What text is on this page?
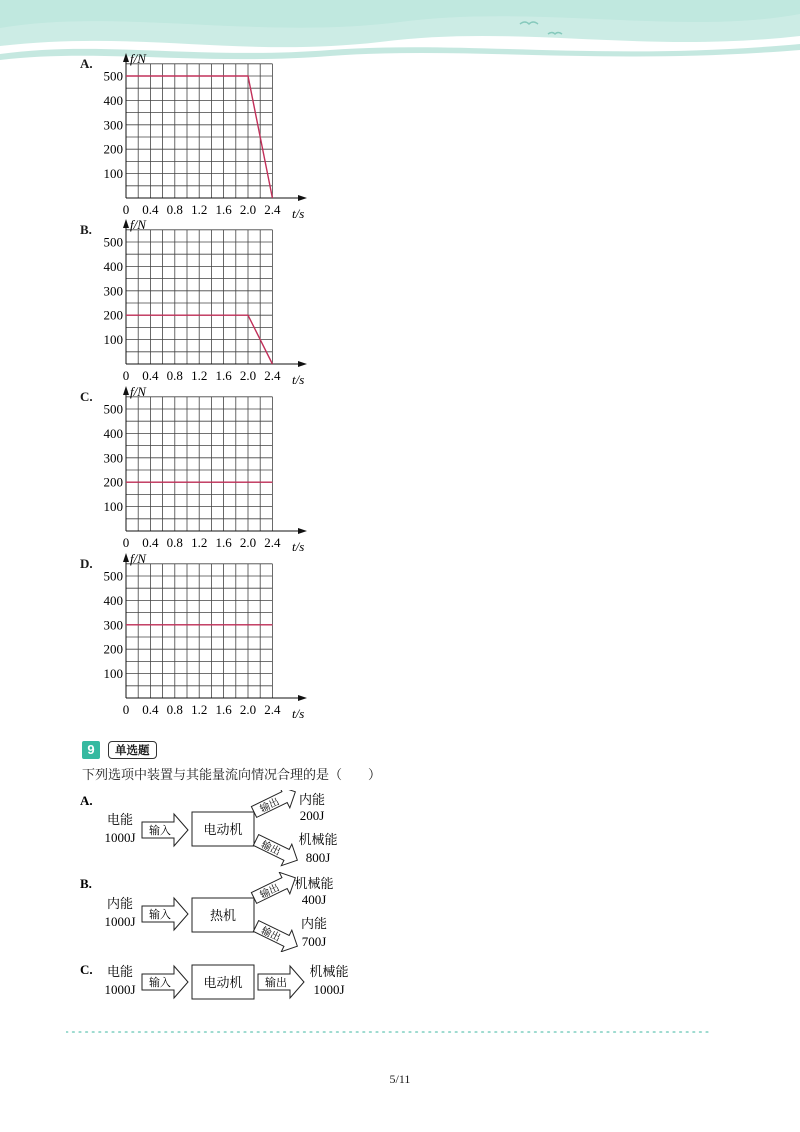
A.
B.
C.
D.
f/N
t/s
500
400
300
200
100
0 0.4 0.8 1.2 1.6 2.0 2.4
f/N
t/s
500
400
300
200
100
0 0.4 0.8 1.2 1.6 2.0 2.4
f/N
t/s
500
400
300
200
100
0 0.4 0.8 1.2 1.6 2.0 2.4
f/N
t/s
500
400
300
200
100
0 0.4 0.8 1.2 1.6 2.0 2.4
9	单选题
下列选项中装置与其能量流向情况合理的是（　　）
A.
电能
1000J 输入 电动机
输出
输出
内能
200J
机械能
800J
B.
内能
1000J 输入	热机
输出
输出
机械能
400J
内能
700J
C. 电能
1000J 输入 电动机 输出
机械能
1000J
5/11
